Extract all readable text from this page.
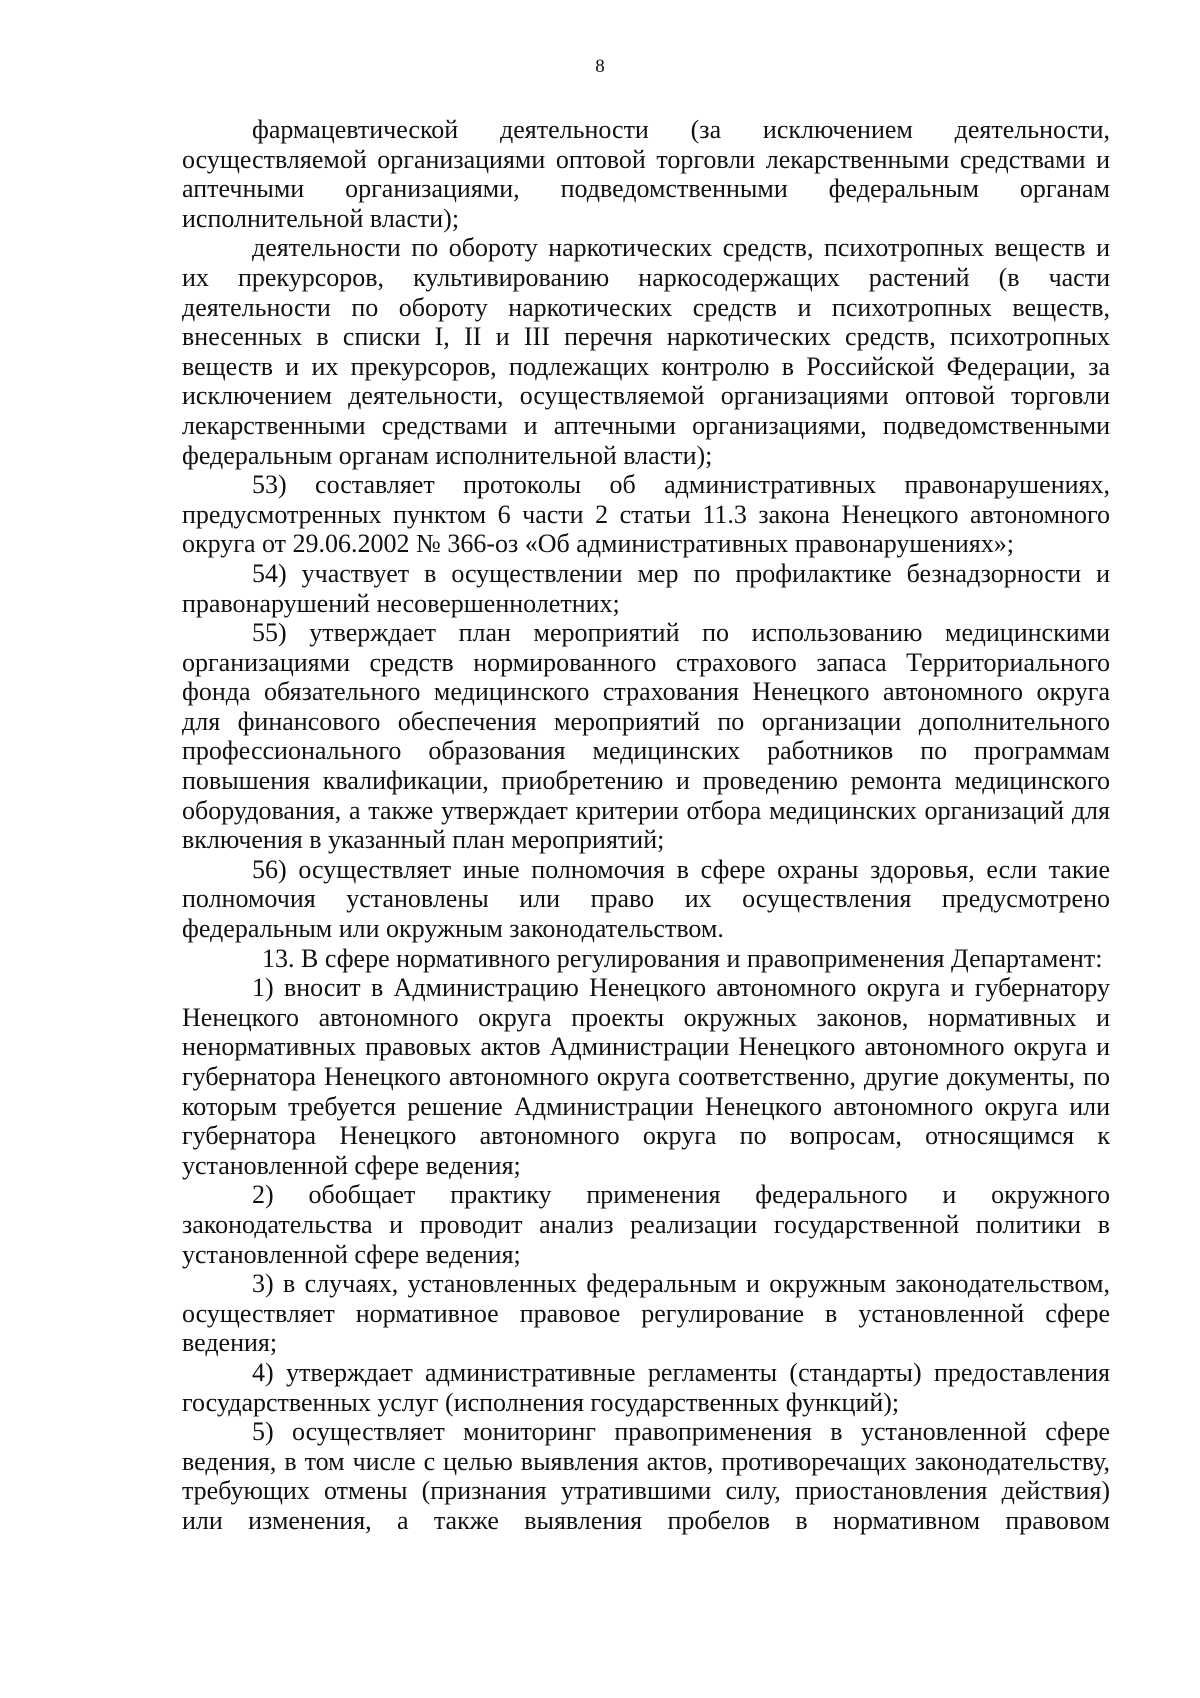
8

фармацевтической деятельности (за исключением деятельности, осуществляемой организациями оптовой торговли лекарственными средствами и аптечными организациями, подведомственными федеральным органам исполнительной власти);

деятельности по обороту наркотических средств, психотропных веществ и их прекурсоров, культивированию наркосодержащих растений (в части деятельности по обороту наркотических средств и психотропных веществ, внесенных в списки I, II и III перечня наркотических средств, психотропных веществ и их прекурсоров, подлежащих контролю в Российской Федерации, за исключением деятельности, осуществляемой организациями оптовой торговли лекарственными средствами и аптечными организациями, подведомственными федеральным органам исполнительной власти);

53) составляет протоколы об административных правонарушениях, предусмотренных пунктом 6 части 2 статьи 11.3 закона Ненецкого автономного округа от 29.06.2002 № 366-оз «Об административных правонарушениях»;

54) участвует в осуществлении мер по профилактике безнадзорности и правонарушений несовершеннолетних;

55) утверждает план мероприятий по использованию медицинскими организациями средств нормированного страхового запаса Территориального фонда обязательного медицинского страхования Ненецкого автономного округа для финансового обеспечения мероприятий по организации дополнительного профессионального образования медицинских работников по программам повышения квалификации, приобретению и проведению ремонта медицинского оборудования, а также утверждает критерии отбора медицинских организаций для включения в указанный план мероприятий;

56) осуществляет иные полномочия в сфере охраны здоровья, если такие полномочия установлены или право их осуществления предусмотрено федеральным или окружным законодательством.

13. В сфере нормативного регулирования и правоприменения Департамент:

1) вносит в Администрацию Ненецкого автономного округа и губернатору Ненецкого автономного округа проекты окружных законов, нормативных и ненормативных правовых актов Администрации Ненецкого автономного округа и губернатора Ненецкого автономного округа соответственно, другие документы, по которым требуется решение Администрации Ненецкого автономного округа или губернатора Ненецкого автономного округа по вопросам, относящимся к установленной сфере ведения;

2) обобщает практику применения федерального и окружного законодательства и проводит анализ реализации государственной политики в установленной сфере ведения;

3) в случаях, установленных федеральным и окружным законодательством, осуществляет нормативное правовое регулирование в установленной сфере ведения;

4) утверждает административные регламенты (стандарты) предоставления государственных услуг (исполнения государственных функций);

5) осуществляет мониторинг правоприменения в установленной сфере ведения, в том числе с целью выявления актов, противоречащих законодательству, требующих отмены (признания утратившими силу, приостановления действия) или изменения, а также выявления пробелов в нормативном правовом
